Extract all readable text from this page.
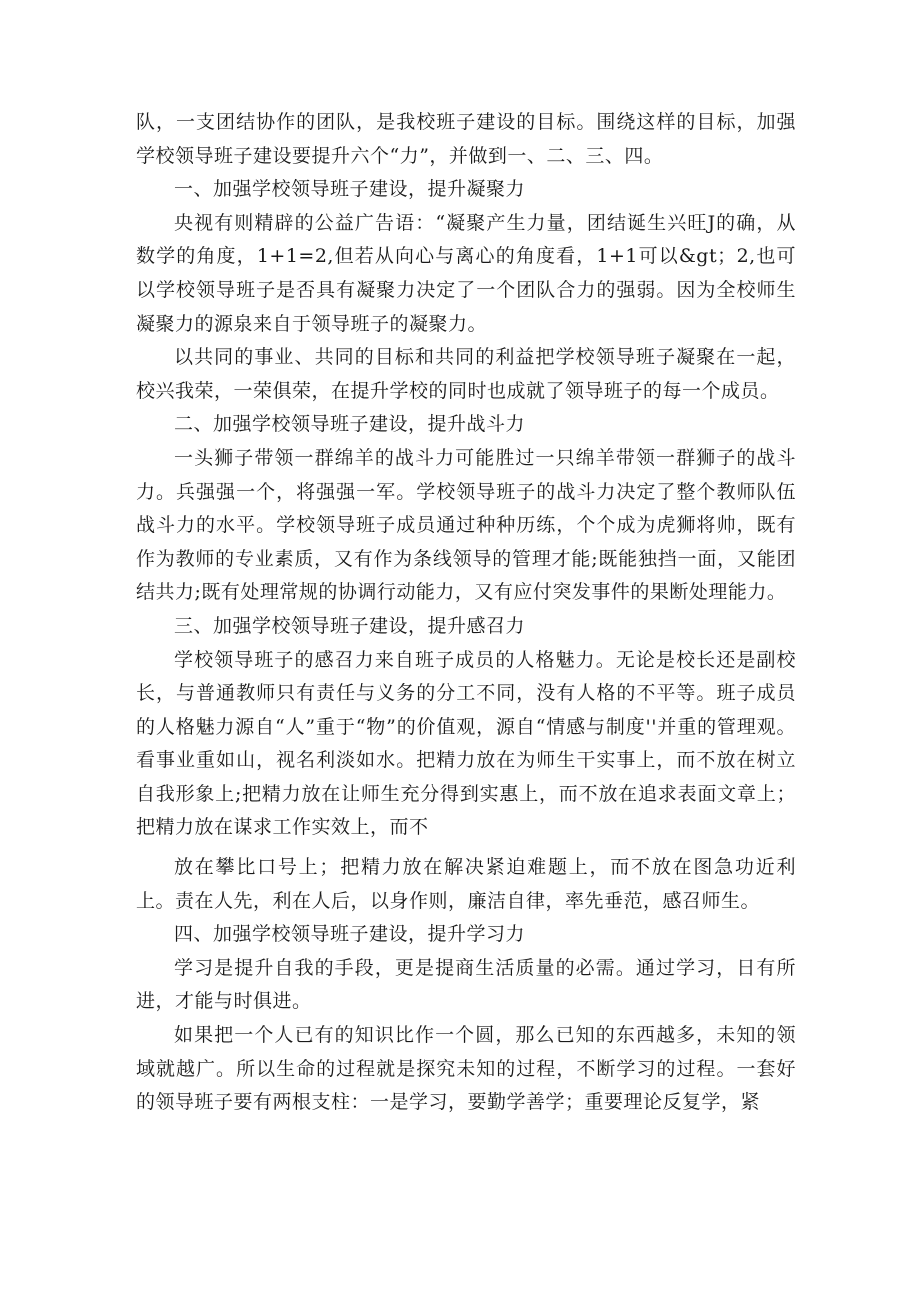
队，一支团结协作的团队，是我校班子建设的目标。围绕这样的目标，加强学校领导班子建设要提升六个“力”，并做到一、二、三、四。

一、加强学校领导班子建设，提升凝聚力

央视有则精辟的公益广告语：“凝聚产生力量，团结诞生兴旺J的确，从数学的角度，1+1=2,但若从向心与离心的角度看，1+1可以&gt；2,也可以学校领导班子是否具有凝聚力决定了一个团队合力的强弱。因为全校师生凝聚力的源泉来自于领导班子的凝聚力。

以共同的事业、共同的目标和共同的利益把学校领导班子凝聚在一起，校兴我荣，一荣俱荣，在提升学校的同时也成就了领导班子的每一个成员。

二、加强学校领导班子建设，提升战斗力

一头狮子带领一群绵羊的战斗力可能胜过一只绵羊带领一群狮子的战斗力。兵强强一个，将强强一军。学校领导班子的战斗力决定了整个教师队伍战斗力的水平。学校领导班子成员通过种种历练，个个成为虎狮将帅，既有作为教师的专业素质，又有作为条线领导的管理才能;既能独挡一面，又能团结共力;既有处理常规的协调行动能力，又有应付突发事件的果断处理能力。

三、加强学校领导班子建设，提升感召力

学校领导班子的感召力来自班子成员的人格魅力。无论是校长还是副校长，与普通教师只有责任与义务的分工不同，没有人格的不平等。班子成员的人格魅力源自“人”重于“物”的价值观，源自“情感与制度''并重的管理观。看事业重如山，视名利淡如水。把精力放在为师生干实事上，而不放在树立自我形象上;把精力放在让师生充分得到实惠上，而不放在追求表面文章上；把精力放在谋求工作实效上，而不

放在攀比口号上；把精力放在解决紧迫难题上，而不放在图急功近利上。责在人先，利在人后，以身作则，廉洁自律，率先垂范，感召师生。

四、加强学校领导班子建设，提升学习力

学习是提升自我的手段，更是提商生活质量的必需。通过学习，日有所进，才能与时俱进。

如果把一个人已有的知识比作一个圆，那么已知的东西越多，未知的领域就越广。所以生命的过程就是探究未知的过程，不断学习的过程。一套好的领导班子要有两根支柱：一是学习，要勤学善学；重要理论反复学，紧
